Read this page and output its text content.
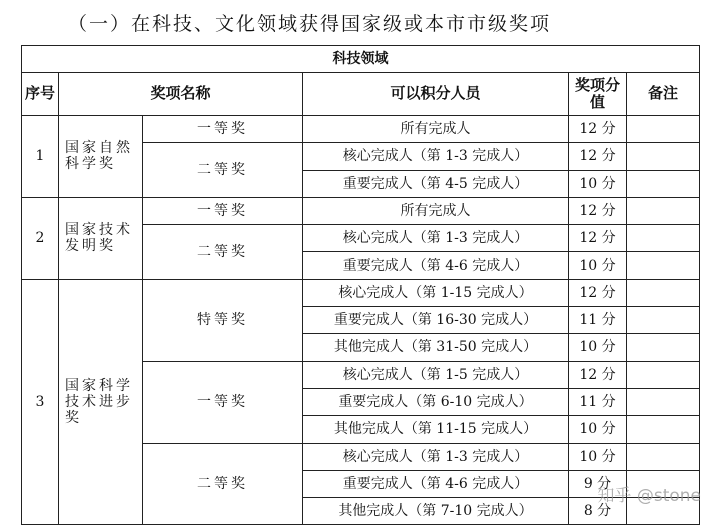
（一）在科技、文化领域获得国家级或本市市级奖项
科技领域					
序号	奖项名称		可以积分人员	奖项分值	备注
1	国家自然科学奖	一等奖	所有完成人	12 分	
		二等奖	核心完成人（第 1-3 完成人）	12 分	
			重要完成人（第 4-5 完成人）	10 分	
2	国家技术发明奖	一等奖	所有完成人	12 分	
		二等奖	核心完成人（第 1-3 完成人）	12 分	
			重要完成人（第 4-6 完成人）	10 分	
3	国家科学技术进步奖	特等奖	核心完成人（第 1-15 完成人）	12 分	
			重要完成人（第 16-30 完成人）	11 分	
			其他完成人（第 31-50 完成人）	10 分	
		一等奖	核心完成人（第 1-5 完成人）	12 分	
			重要完成人（第 6-10 完成人）	11 分	
			其他完成人（第 11-15 完成人）	10 分	
		二等奖	核心完成人（第 1-3 完成人）	10 分	
			重要完成人（第 4-6 完成人）	9 分	
			其他完成人（第 7-10 完成人）	8 分	
知乎 @stone
